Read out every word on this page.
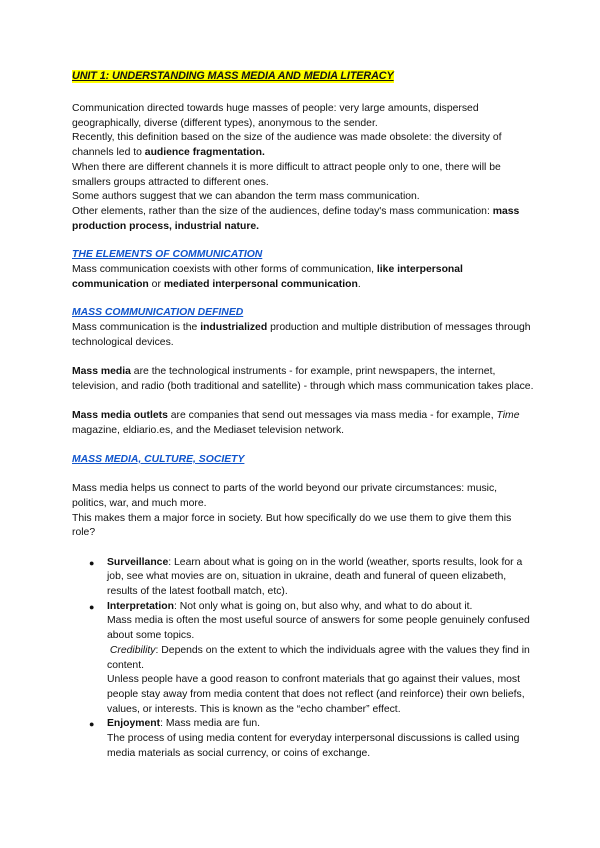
UNIT 1: UNDERSTANDING MASS MEDIA AND MEDIA LITERACY

Communication directed towards huge masses of people: very large amounts, dispersed geographically, diverse (different types), anonymous to the sender.

Recently, this definition based on the size of the audience was made obsolete: the diversity of channels led to audience fragmentation.

When there are different channels it is more difficult to attract people only to one, there will be smallers groups attracted to different ones.

Some authors suggest that we can abandon the term mass communication.

Other elements, rather than the size of the audiences, define today's mass communication: mass production process, industrial nature.

THE ELEMENTS OF COMMUNICATION

Mass communication coexists with other forms of communication, like interpersonal communication or mediated interpersonal communication.

MASS COMMUNICATION DEFINED

Mass communication is the industrialized production and multiple distribution of messages through technological devices.

Mass media are the technological instruments - for example, print newspapers, the internet, television, and radio (both traditional and satellite) - through which mass communication takes place.

Mass media outlets are companies that send out messages via mass media - for example, Time magazine, eldiario.es, and the Mediaset television network.

MASS MEDIA, CULTURE, SOCIETY

Mass media helps us connect to parts of the world beyond our private circumstances: music, politics, war, and much more.

This makes them a major force in society. But how specifically do we use them to give them this role?

● Surveillance: Learn about what is going on in the world (weather, sports results, look for a job, see what movies are on, situation in ukraine, death and funeral of queen elizabeth, results of the latest football match, etc).
● Interpretation: Not only what is going on, but also why, and what to do about it.
Mass media is often the most useful source of answers for some people genuinely confused about some topics.
Credibility: Depends on the extent to which the individuals agree with the values they find in content.
Unless people have a good reason to confront materials that go against their values, most people stay away from media content that does not reflect (and reinforce) their own beliefs, values, or interests. This is known as the “echo chamber” effect.
● Enjoyment: Mass media are fun.
The process of using media content for everyday interpersonal discussions is called using media materials as social currency, or coins of exchange.
